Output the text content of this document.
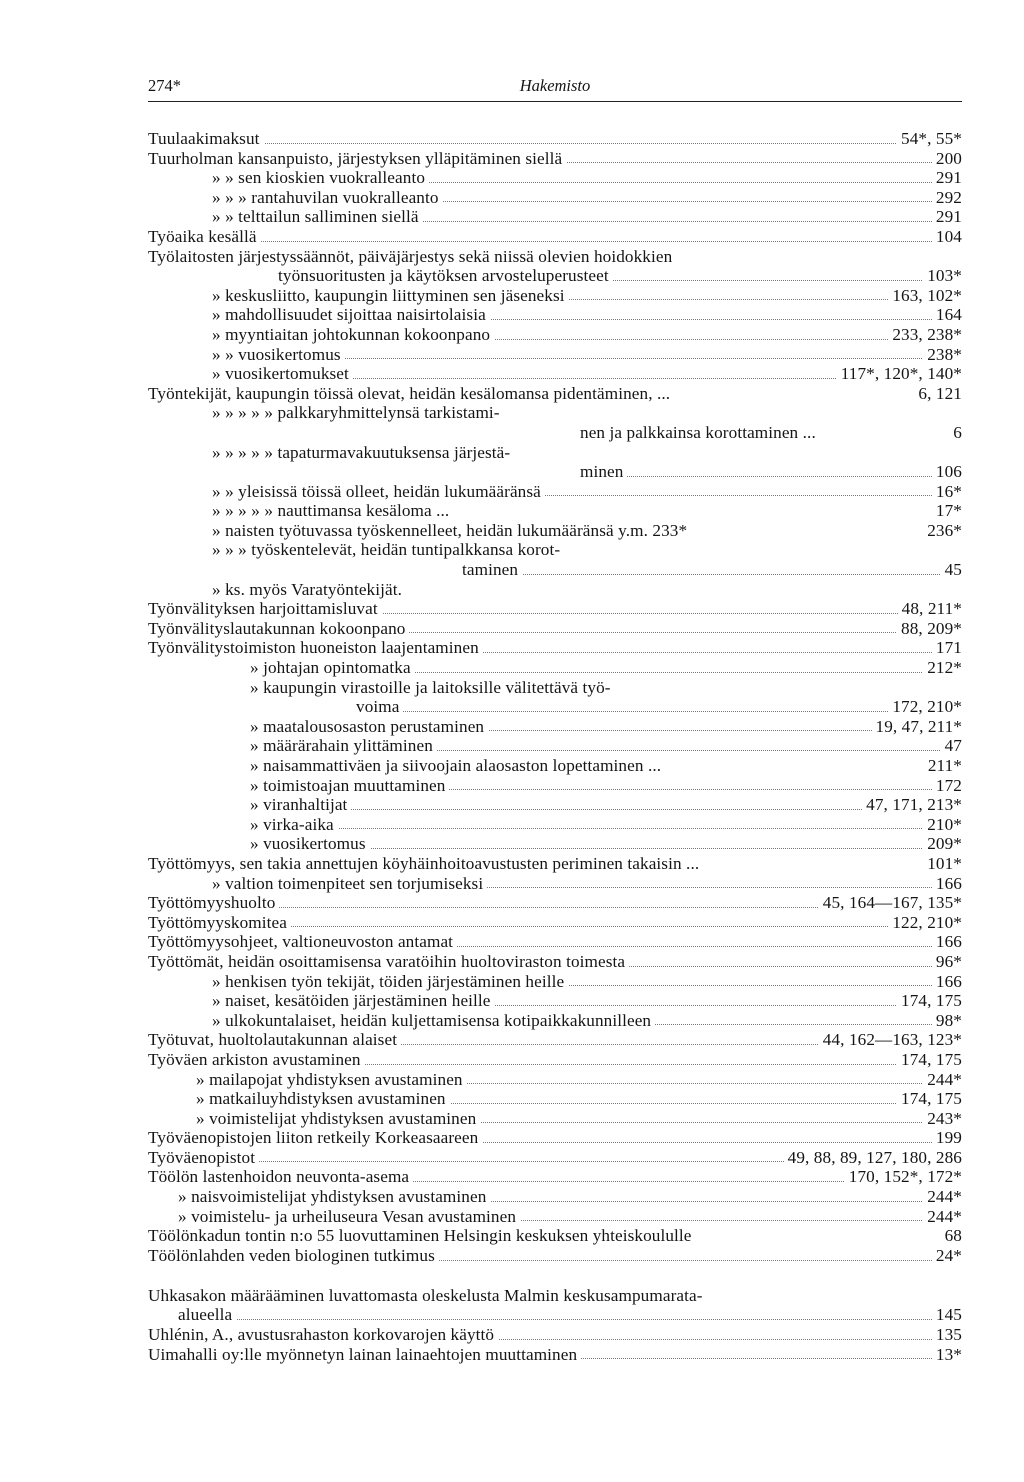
274*	Hakemisto
Tuulaakimaksut	54*, 55*
Tuurholman kansanpuisto, järjestyksen ylläpitäminen siellä	200
» » sen kioskien vuokralleanto	291
» » » rantahuvilan vuokralleanto	292
» » telttailun salliminen siellä	291
Työaika kesällä	104
Työlaitosten järjestyssäännöt, päiväjärjestys sekä niissä olevien hoidokkien
työnsuoritusten ja käytöksen arvosteluperusteet	103*
» keskusliitto, kaupungin liittyminen sen jäseneksi	163, 102*
» mahdollisuudet sijoittaa naisirtolaisia	164
» myyntiaitan johtokunnan kokoonpano	233, 238*
» » vuosikertomus	238*
» vuosikertomukset	117*, 120*, 140*
Työntekijät, kaupungin töissä olevat, heidän kesälomansa pidentäminen, ...	6, 121
» » » » » palkkaryhmittelynsä tarkistami-
nen ja palkkainsa korottaminen ...	6
» » » » » tapaturmavakuutuksensa järjestä-
minen	106
» » yleisissä töissä olleet, heidän lukumääränsä	16*
» » » » » nauttimansa kesäloma ...	17*
» naisten työtuvassa työskennelleet, heidän lukumääränsä y.m. 233*	236*
» » » työskentelevät, heidän tuntipalkkansa korot-
taminen	45
» ks. myös Varatyöntekijät.
Työnvälityksen harjoittamisluvat	48, 211*
Työnvälityslautakunnan kokoonpano	88, 209*
Työnvälitystoimiston huoneiston laajentaminen	171
» johtajan opintomatka	212*
» kaupungin virastoille ja laitoksille välitettävä työ-
voima	172, 210*
» maatalousosaston perustaminen	19, 47, 211*
» määrärahain ylittäminen	47
» naisammattiväen ja siivoojain alaosaston lopettaminen ...	211*
» toimistoajan muuttaminen	172
» viranhaltijat	47, 171, 213*
» virka-aika	210*
» vuosikertomus	209*
Työttömyys, sen takia annettujen köyhäinhoitoavustusten periminen takaisin ...	101*
» valtion toimenpiteet sen torjumiseksi	166
Työttömyyshuolto	45, 164—167, 135*
Työttömyyskomitea	122, 210*
Työttömyysohjeet, valtioneuvoston antamat	166
Työttömät, heidän osoittamisensa varatöihin huoltoviraston toimesta	96*
» henkisen työn tekijät, töiden järjestäminen heille	166
» naiset, kesätöiden järjestäminen heille	174, 175
» ulkokuntalaiset, heidän kuljettamisensa kotipaikkakunnilleen	98*
Työtuvat, huoltolautakunnan alaiset	44, 162—163, 123*
Työväen arkiston avustaminen	174, 175
» mailapojat yhdistyksen avustaminen	244*
» matkailuyhdistyksen avustaminen	174, 175
» voimistelijat yhdistyksen avustaminen	243*
Työväenopistojen liiton retkeily Korkeasaareen	199
Työväenopistot	49, 88, 89, 127, 180, 286
Töölön lastenhoidon neuvonta-asema	170, 152*, 172*
» naisvoimistelijat yhdistyksen avustaminen	244*
» voimistelu- ja urheiluseura Vesan avustaminen	244*
Töölönkadun tontin n:o 55 luovuttaminen Helsingin keskuksen yhteiskoululle	68
Töölönlahden veden biologinen tutkimus	24*
Uhkasakon määrääminen luvattomasta oleskelusta Malmin keskusampumarata-
alueella	145
Uhlénin, A., avustusrahaston korkovarojen käyttö	135
Uimahalli oy:lle myönnetyn lainan lainaehtojen muuttaminen	13*
